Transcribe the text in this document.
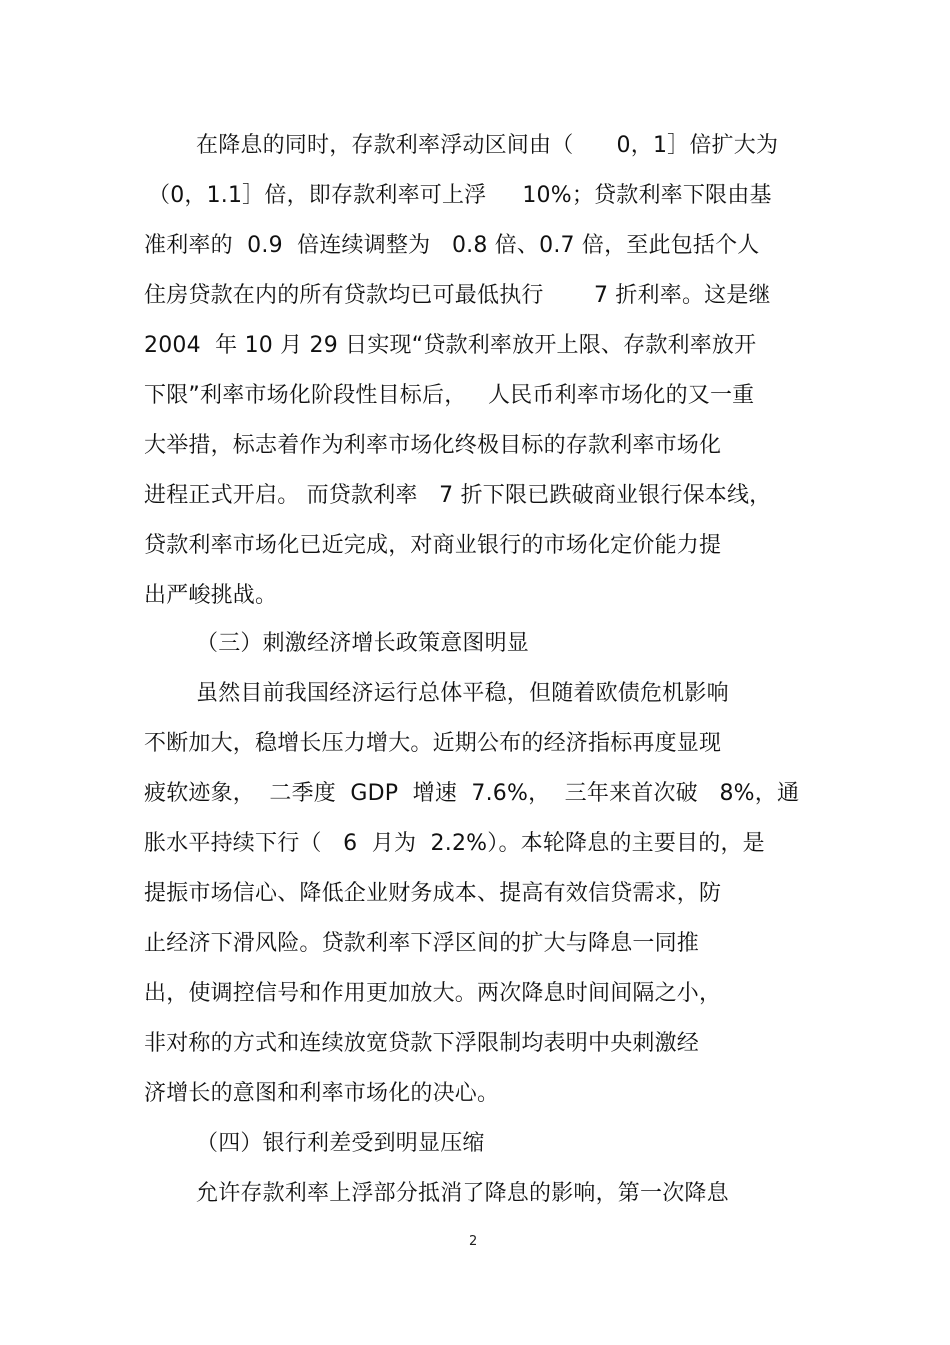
在降息的同时，存款利率浮动区间由（      0，1］倍扩大为
（0，1.1］倍，即存款利率可上浮     10%；贷款利率下限由基
准利率的  0.9  倍连续调整为   0.8 倍、0.7 倍，至此包括个人
住房贷款在内的所有贷款均已可最低执行       7 折利率。这是继
2004  年 10 月 29 日实现“贷款利率放开上限、存款利率放开
下限”利率市场化阶段性目标后，   人民币利率市场化的又一重
大举措，标志着作为利率市场化终极目标的存款利率市场化
进程正式开启。 而贷款利率   7 折下限已跌破商业银行保本线，
贷款利率市场化已近完成，对商业银行的市场化定价能力提
出严峻挑战。
（三）刺激经济增长政策意图明显
虽然目前我国经济运行总体平稳，但随着欧债危机影响
不断加大，稳增长压力增大。近期公布的经济指标再度显现
疲软迹象，  二季度  GDP  增速  7.6%，  三年来首次破   8%，通
胀水平持续下行（   6  月为  2.2%）。本轮降息的主要目的，是
提振市场信心、降低企业财务成本、提高有效信贷需求，防
止经济下滑风险。贷款利率下浮区间的扩大与降息一同推
出，使调控信号和作用更加放大。两次降息时间间隔之小，
非对称的方式和连续放宽贷款下浮限制均表明中央刺激经
济增长的意图和利率市场化的决心。
（四）银行利差受到明显压缩
允许存款利率上浮部分抵消了降息的影响，第一次降息
2
